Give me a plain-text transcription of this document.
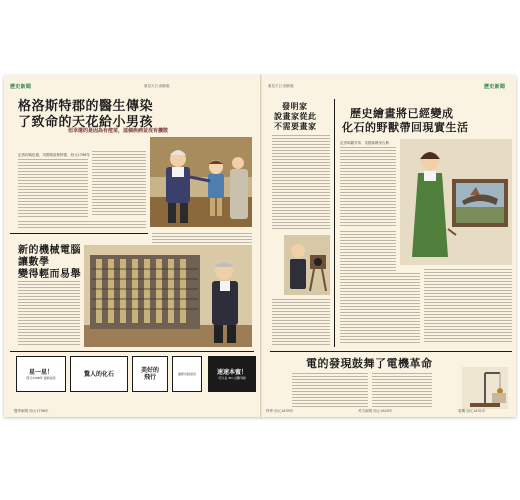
歷史新聞	重見天日 創新版
格洛斯特郡的醫生傳染
了致命的天花給小男孩

但幸運的是因為有痘苗，這個疾病並沒有擴散

記者約翰伍德，英國格洛斯特郡，西元1796年

新的機械電腦
讓數學
變得輕而易舉
星一星！
西元1796年 最新消息	驚人的化石	美好的
飛行	最新出版消息
醫學新聞 西元1796年
重見天日 創新版	歷史新聞
發明家
說畫家從此
不需要畫家
歷史繪畫將已經變成
化石的野獸帶回現實生活

記者瑪麗安寧，英國萊姆里吉斯

電的發現鼓舞了電機革命
科學 西元1839年	考古新聞 西元1820年	電機 西元1831年
速速本蜜！
可以在 3D 立體印刷
